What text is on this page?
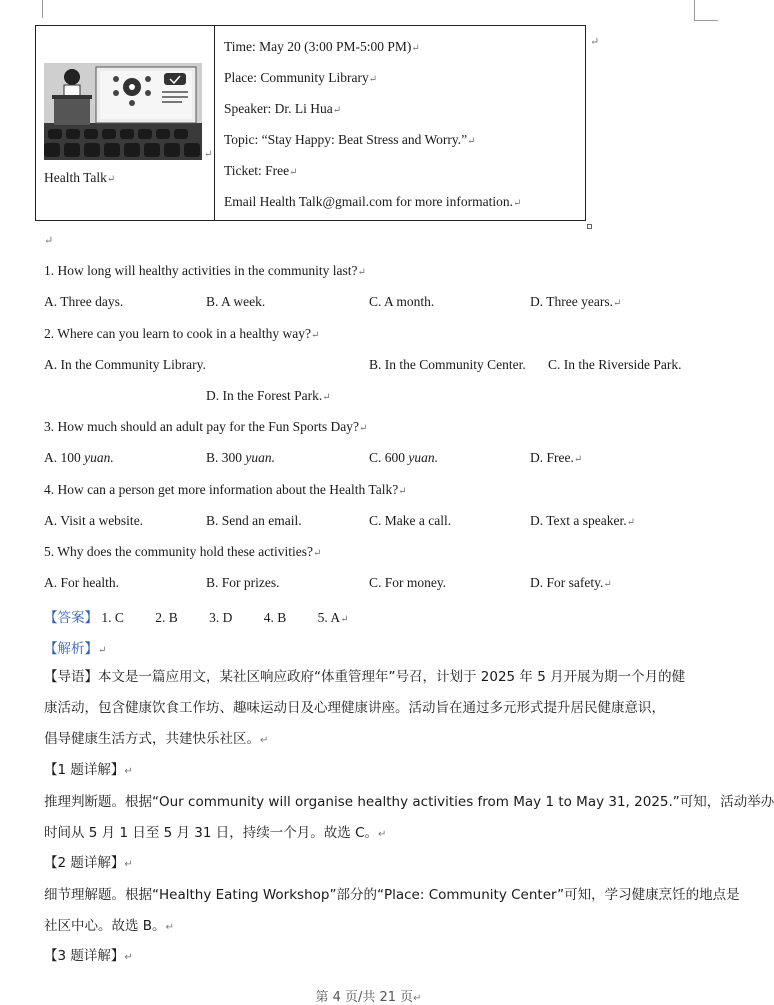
↵
Health Talk↵
Time: May 20 (3:00 PM-5:00 PM)↵
Place: Community Library↵
Speaker: Dr. Li Hua↵
Topic: “Stay Happy: Beat Stress and Worry.”↵
Ticket: Free↵
Email Health Talk@gmail.com for more information.↵
↵
↵
1. How long will healthy activities in the community last?↵
A. Three days.	B. A week.	C. A month.	D. Three years.↵
2. Where can you learn to cook in a healthy way?↵
A. In the Community Library.	B. In the Community Center. C. In the Riverside Park.
D. In the Forest Park.↵
3. How much should an adult pay for the Fun Sports Day?↵
A. 100 yuan.	B. 300 yuan.	C. 600 yuan.	D. Free.↵
4. How can a person get more information about the Health Talk?↵
A. Visit a website.	B. Send an email.	C. Make a call.	D. Text a speaker.↵
5. Why does the community hold these activities?↵
A. For health.	B. For prizes.	C. For money.	D. For safety.↵
【答案】 1. C 2. B 3. D 4. B 5. A↵
【解析】↵
【导语】本文是一篇应用文，某社区响应政府“体重管理年”号召，计划于 2025 年 5 月开展为期一个月的健
康活动，包含健康饮食工作坊、趣味运动日及心理健康讲座。活动旨在通过多元形式提升居民健康意识，
倡导健康生活方式，共建快乐社区。↵
【1 题详解】↵
推理判断题。根据“Our community will organise healthy activities from May 1 to May 31, 2025.”可知，活动举办
时间从 5 月 1 日至 5 月 31 日，持续一个月。故选 C。↵
【2 题详解】↵
细节理解题。根据“Healthy Eating Workshop”部分的“Place: Community Center”可知，学习健康烹饪的地点是
社区中心。故选 B。↵
【3 题详解】↵
第 4 页/共 21 页↵
